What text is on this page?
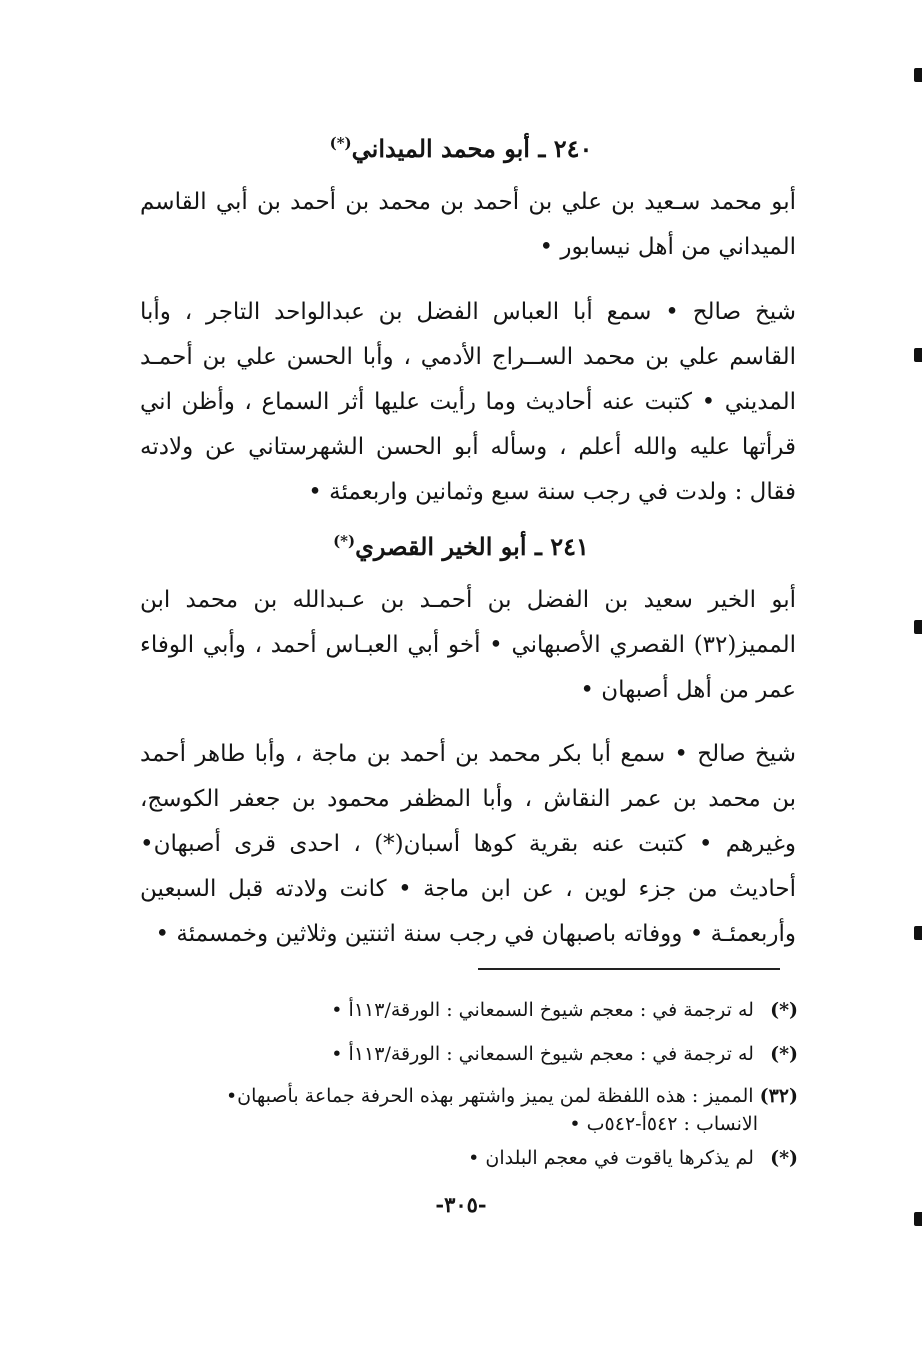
٢٤٠ ـ أبو محمد الميداني(*)

أبو محمد سـعيد بن علي بن أحمد بن محمد بن أحمد بن أبي القاسم الميداني من أهل نيسابور •

شيخ صالح • سمع أبا العباس الفضل بن عبدالواحد التاجر ، وأبا القاسم علي بن محمد الســراج الأدمي ، وأبا الحسن علي بن أحمـد المديني • كتبت عنه أحاديث وما رأيت عليها أثر السماع ، وأظن اني قرأتها عليه والله أعلم ، وسأله أبو الحسن الشهرستاني عن ولادته فقال : ولدت في رجب سنة سبع وثمانين واربعمئة •

٢٤١ ـ أبو الخير القصري(*)

أبو الخير سعيد بن الفضل بن أحمـد بن عـبدالله بن محمد ابن المميز(٣٢) القصري الأصبهاني • أخو أبي العبـاس أحمد ، وأبي الوفاء عمر من أهل أصبهان •

شيخ صالح • سمع أبا بكر محمد بن أحمد بن ماجة ، وأبا طاهر أحمد بن محمد بن عمر النقاش ، وأبا المظفر محمود بن جعفر الكوسج، وغيرهم • كتبت عنه بقرية كوها أسبان(*) ، احدى قرى أصبهان• أحاديث من جزء لوين ، عن ابن ماجة • كانت ولادته قبل السبعين وأربعمئـة • ووفاته باصبهان في رجب سنة اثنتين وثلاثين وخمسمئة •

(*) له ترجمة في : معجم شيوخ السمعاني : الورقة/١١٣أ •

(*) له ترجمة في : معجم شيوخ السمعاني : الورقة/١١٣أ •

(٣٢) المميز : هذه اللفظة لمن يميز واشتهر بهذه الحرفة جماعة بأصبهان•

الانساب : ٥٤٢أ-٥٤٢ب •

(*) لم يذكرها ياقوت في معجم البلدان •

-٣٠٥-
